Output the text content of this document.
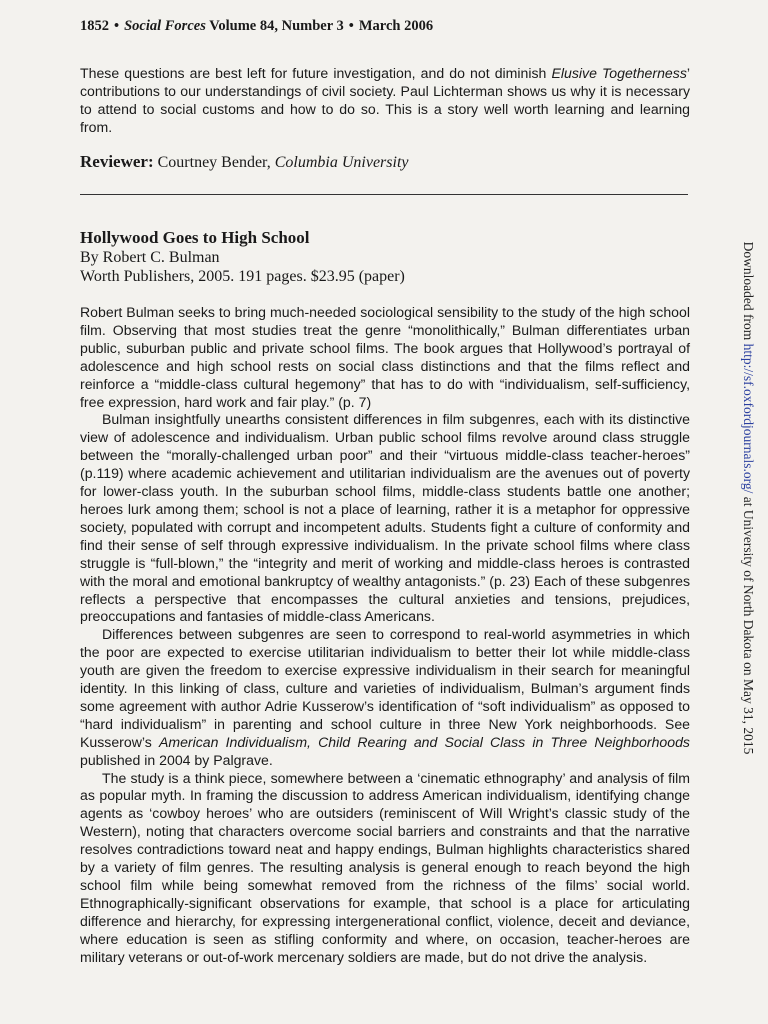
1852 • Social Forces Volume 84, Number 3 • March 2006

These questions are best left for future investigation, and do not diminish Elusive Togetherness’ contributions to our understandings of civil society. Paul Lichterman shows us why it is necessary to attend to social customs and how to do so. This is a story well worth learning and learning from.

Reviewer: Courtney Bender, Columbia University
Hollywood Goes to High School
By Robert C. Bulman
Worth Publishers, 2005. 191 pages. $23.95 (paper)

Robert Bulman seeks to bring much-needed sociological sensibility to the study of the high school film. Observing that most studies treat the genre “monolithically,” Bulman differentiates urban public, suburban public and private school films. The book argues that Hollywood’s portrayal of adolescence and high school rests on social class distinctions and that the films reflect and reinforce a “middle-class cultural hegemony” that has to do with “individualism, self-sufficiency, free expression, hard work and fair play.” (p. 7)

Bulman insightfully unearths consistent differences in film subgenres, each with its distinctive view of adolescence and individualism. Urban public school films revolve around class struggle between the “morally-challenged urban poor” and their “virtuous middle-class teacher-heroes” (p.119) where academic achievement and utilitarian individualism are the avenues out of poverty for lower-class youth. In the suburban school films, middle-class students battle one another; heroes lurk among them; school is not a place of learning, rather it is a metaphor for oppressive society, populated with corrupt and incompetent adults. Students fight a culture of conformity and find their sense of self through expressive individualism. In the private school films where class struggle is “full-blown,” the “integrity and merit of working and middle-class heroes is contrasted with the moral and emotional bankruptcy of wealthy antagonists.” (p. 23) Each of these subgenres reflects a perspective that encompasses the cultural anxieties and tensions, prejudices, preoccupations and fantasies of middle-class Americans.

Differences between subgenres are seen to correspond to real-world asymmetries in which the poor are expected to exercise utilitarian individualism to better their lot while middle-class youth are given the freedom to exercise expressive individualism in their search for meaningful identity. In this linking of class, culture and varieties of individualism, Bulman’s argument finds some agreement with author Adrie Kusserow’s identification of “soft individualism” as opposed to “hard individualism” in parenting and school culture in three New York neighborhoods. See Kusserow’s American Individualism, Child Rearing and Social Class in Three Neighborhoods published in 2004 by Palgrave.

The study is a think piece, somewhere between a ‘cinematic ethnography’ and analysis of film as popular myth. In framing the discussion to address American individualism, identifying change agents as ‘cowboy heroes’ who are outsiders (reminiscent of Will Wright’s classic study of the Western), noting that characters overcome social barriers and constraints and that the narrative resolves contradictions toward neat and happy endings, Bulman highlights characteristics shared by a variety of film genres. The resulting analysis is general enough to reach beyond the high school film while being somewhat removed from the richness of the films’ social world. Ethnographically-significant observations for example, that school is a place for articulating difference and hierarchy, for expressing intergenerational conflict, violence, deceit and deviance, where education is seen as stifling conformity and where, on occasion, teacher-heroes are military veterans or out-of-work mercenary soldiers are made, but do not drive the analysis.

Downloaded from http://sf.oxfordjournals.org/ at University of North Dakota on May 31, 2015
